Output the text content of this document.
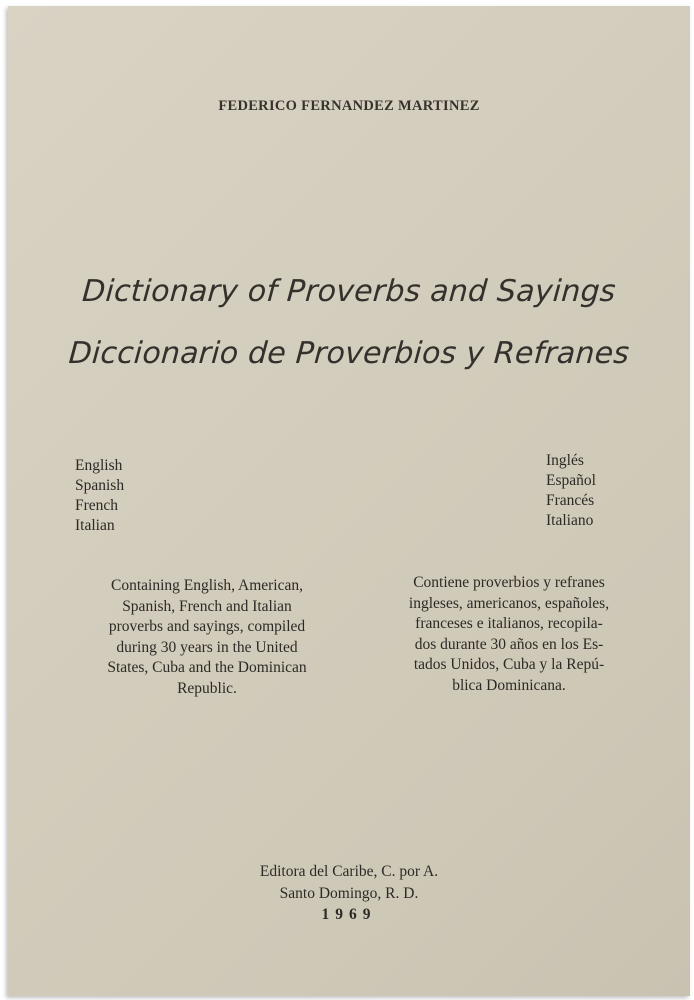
FEDERICO FERNANDEZ MARTINEZ
Dictionary of Proverbs and Sayings
Diccionario de Proverbios y Refranes
English
Spanish
French
Italian
Inglés
Español
Francés
Italiano
Containing English, American,
Spanish, French and Italian
proverbs and sayings, compiled
during 30 years in the United
States, Cuba and the Dominican
Republic.
Contiene proverbios y refranes
ingleses, americanos, españoles,
franceses e italianos, recopila-
dos durante 30 años en los Es-
tados Unidos, Cuba y la Repú-
blica Dominicana.
Editora del Caribe, C. por A.
Santo Domingo, R. D.
1969
